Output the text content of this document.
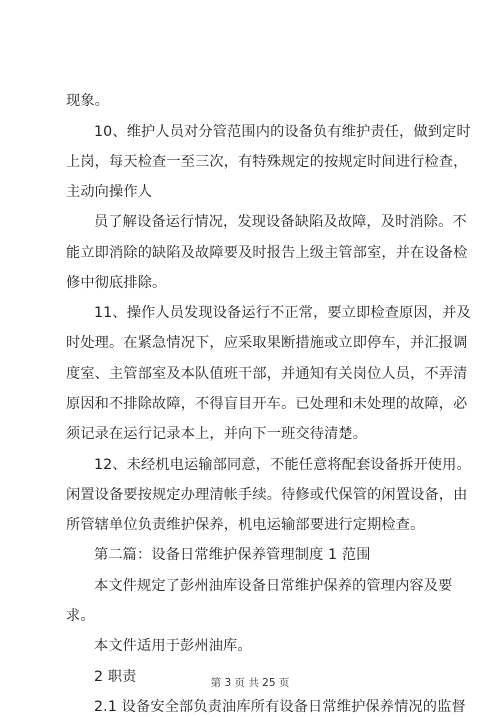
现象。
10、维护人员对分管范围内的设备负有维护责任，做到定时
上岗，每天检查一至三次，有特殊规定的按规定时间进行检查，
主动向操作人
员了解设备运行情况，发现设备缺陷及故障，及时消除。不
能立即消除的缺陷及故障要及时报告上级主管部室，并在设备检
修中彻底排除。
11、操作人员发现设备运行不正常，要立即检查原因，并及
时处理。在紧急情况下，应采取果断措施或立即停车，并汇报调
度室、主管部室及本队值班干部，并通知有关岗位人员，不弄清
原因和不排除故障，不得盲目开车。已处理和未处理的故障，必
须记录在运行记录本上，并向下一班交待清楚。
12、未经机电运输部同意，不能任意将配套设备拆开使用。
闲置设备要按规定办理清帐手续。待修或代保管的闲置设备，由
所管辖单位负责维护保养，机电运输部要进行定期检查。
第二篇：设备日常维护保养管理制度 1 范围
本文件规定了彭州油库设备日常维护保养的管理内容及要
求。
本文件适用于彭州油库。
2 职责
2.1 设备安全部负责油库所有设备日常维护保养情况的监督
第 3 页 共 25 页
